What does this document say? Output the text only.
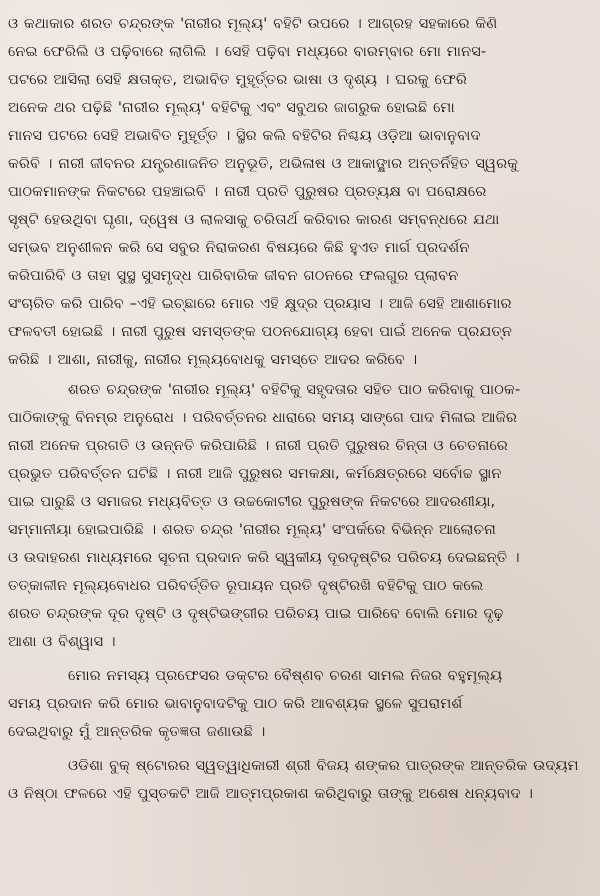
ଓ କଥାକାର ଶରତ ଚନ୍ଦ୍ରଙ୍କ 'ନାରୀର ମୂଲ୍ୟ' ବହିଟି ଉପରେ । ଆଗ୍ରହ ସହକାରେ କିଣି
ନେଇ ଫେରିଲି ଓ ପଢ଼ିବାରେ ଲାଗିଲି । ସେହି ପଢ଼ିବା ମଧ୍ୟରେ ବାରମ୍ବାର ମୋ ମାନସ-
ପଟରେ ଆସିଲା ସେହି କ୍ଷତାକ୍ତ, ଅଭାବିତ ମୁହୂର୍ତ୍ତର ଭାଷା ଓ ଦୃଶ୍ୟ । ଘରକୁ ଫେରି
ଅନେକ ଥର ପଢ଼ିଛି 'ନାରୀର ମୂଲ୍ୟ' ବହିଟିକୁ ଏବଂ ସବୁଥର ଜାଗରୁକ ହୋଇଛି ମୋ
ମାନସ ପଟରେ ସେହି ଅଭାବିତ ମୁହୂର୍ତ୍ତ । ସ୍ଥିର କଲି ବହିଟିର ନିଶ୍ଚୟ ଓଡ଼ିଆ ଭାବାନୁବାଦ
କରିବି । ନାରୀ ଜୀବନର ଯନ୍ତ୍ରଣାଜନିତ ଅନୁଭୂତି, ଅଭିଳାଷ ଓ ଆକାଙ୍କ୍ଷାର ଅନ୍ତର୍ନିହିତ ସ୍ୱରକୁ
ପାଠକମାନଙ୍କ ନିକଟରେ ପହଞ୍ଚାଇବି । ନାରୀ ପ୍ରତି ପୁରୁଷର ପ୍ରତ୍ୟକ୍ଷ ବା ପରୋକ୍ଷରେ
ସୃଷ୍ଟି ହେଉଥିବା ଘୃଣା, ଦ୍ୱେଷ ଓ ଲାଳସାକୁ ଚରିତାର୍ଥ କରିବାର କାରଣ ସମ୍ବନ୍ଧରେ ଯଥା
ସମ୍ଭବ ଅନୁଶୀଳନ କରି ସେ ସବୁର ନିରାକରଣ ବିଷୟରେ କିଛି ହୁଏତ ମାର୍ଗ ପ୍ରଦର୍ଶନ
କରିପାରିବି ଓ ତାହା ସୁସ୍ଥ ସୁସମୃଦ୍ଧ ପାରିବାରିକ ଜୀବନ ଗଠନରେ ଫଲଗୁର ପ୍ଲାବନ
ସଂଚାରିତ କରି ପାରିବ –ଏହି ଇଚ୍ଛାରେ ମୋର ଏହି କ୍ଷୁଦ୍ର ପ୍ରୟାସ । ଆଜି ସେହି ଆଶାମୋର
ଫଳବତୀ ହୋଇଛି । ନାରୀ ପୁରୁଷ ସମସ୍ତଙ୍କ ପଠନଯୋଗ୍ୟ ହେବା ପାଇଁ ଅନେକ ପ୍ରଯତ୍ନ
କରିଛି । ଆଶା, ନାରୀକୁ, ନାରୀର ମୂଲ୍ୟବୋଧକୁ ସମସ୍ତେ ଆଦର କରିବେ ।
ଶରତ ଚନ୍ଦ୍ରଙ୍କ 'ନାରୀର ମୂଲ୍ୟ' ବହିଟିକୁ ସହୃଦତାର ସହିତ ପାଠ କରିବାକୁ ପାଠକ-
ପାଠିକାଙ୍କୁ ବିନମ୍ର ଅନୁରୋଧ । ପରିବର୍ତ୍ତନର ଧାରାରେ ସମୟ ସାଙ୍ଗେ ପାଦ ମିଳାଇ ଆଜିର
ନାରୀ ଅନେକ ପ୍ରଗତି ଓ ଉନ୍ନତି କରିପାରିଛି । ନାରୀ ପ୍ରତି ପୁରୁଷର ଚିନ୍ତା ଓ ଚେତନାରେ
ପ୍ରଭୁତ ପରିବର୍ତ୍ତନ ଘଟିଛି । ନାରୀ ଆଜି ପୁରୁଷର ସମକକ୍ଷା, କର୍ମକ୍ଷେତ୍ରରେ ସର୍ବୋଚ୍ଚ ସ୍ଥାନ
ପାଇ ପାରୁଛି ଓ ସମାଜର ମଧ୍ୟବିତ୍ତ ଓ ଉଚ୍ଚକୋଟୀର ପୁରୁଷଙ୍କ ନିକଟରେ ଆଦରଣୀୟା,
ସମ୍ମାନୀୟା ହୋଇପାରିଛି । ଶରତ ଚନ୍ଦ୍ର 'ନାରୀର ମୂଲ୍ୟ' ସଂପର୍କରେ ବିଭିନ୍ନ ଆଲୋଚନା
ଓ ଉଦାହରଣ ମାଧ୍ୟମରେ ସୂଚନା ପ୍ରଦାନ କରି ସ୍ୱକୀୟ ଦୂରଦୃଷ୍ଟିର ପରିଚୟ ଦେଇଛନ୍ତି ।
ତତ୍କାଳୀନ ମୂଲ୍ୟବୋଧର ପରିବର୍ତ୍ତିତ ରୂପାୟନ ପ୍ରତି ଦୃଷ୍ଟିରଖି ବହିଟିକୁ ପାଠ କଲେ
ଶରତ ଚନ୍ଦ୍ରଙ୍କ ଦୂର ଦୃଷ୍ଟି ଓ ଦୃଷ୍ଟିଭଙ୍ଗୀର ପରିଚୟ ପାଇ ପାରିବେ ବୋଲି ମୋର ଦୃଢ଼
ଆଶା ଓ ବିଶ୍ୱାସ ।
ମୋର ନମସ୍ୟ ପ୍ରଫେସର ଡକ୍ଟର ବୈଷ୍ଣବ ଚରଣ ସାମଲ ନିଜର ବହୁମୂଲ୍ୟ
ସମୟ ପ୍ରଦାନ କରି ମୋର ଭାବାନୁବାଦଟିକୁ ପାଠ କରି ଆବଶ୍ୟକ ସ୍ଥଳେ ସୁପରାମର୍ଶ
ଦେଇଥିବାରୁ ମୁଁ ଆନ୍ତରିକ କୃତଜ୍ଞତା ଜଣାଉଛି ।
ଓଡିଶା ବୁକ୍ ଷ୍ଟୋରର ସ୍ୱତ୍ୱାଧିକାରୀ ଶ୍ରୀ ବିଜୟ ଶଙ୍କର ପାତ୍ରଙ୍କ ଆନ୍ତରିକ ଉଦ୍ୟମ
ଓ ନିଷ୍ଠା ଫଳରେ ଏହି ପୁସ୍ତକଟି ଆଜି ଆତ୍ମପ୍ରକାଶ କରିଥିବାରୁ ତାଙ୍କୁ ଅଶେଷ ଧନ୍ୟବାଦ ।
